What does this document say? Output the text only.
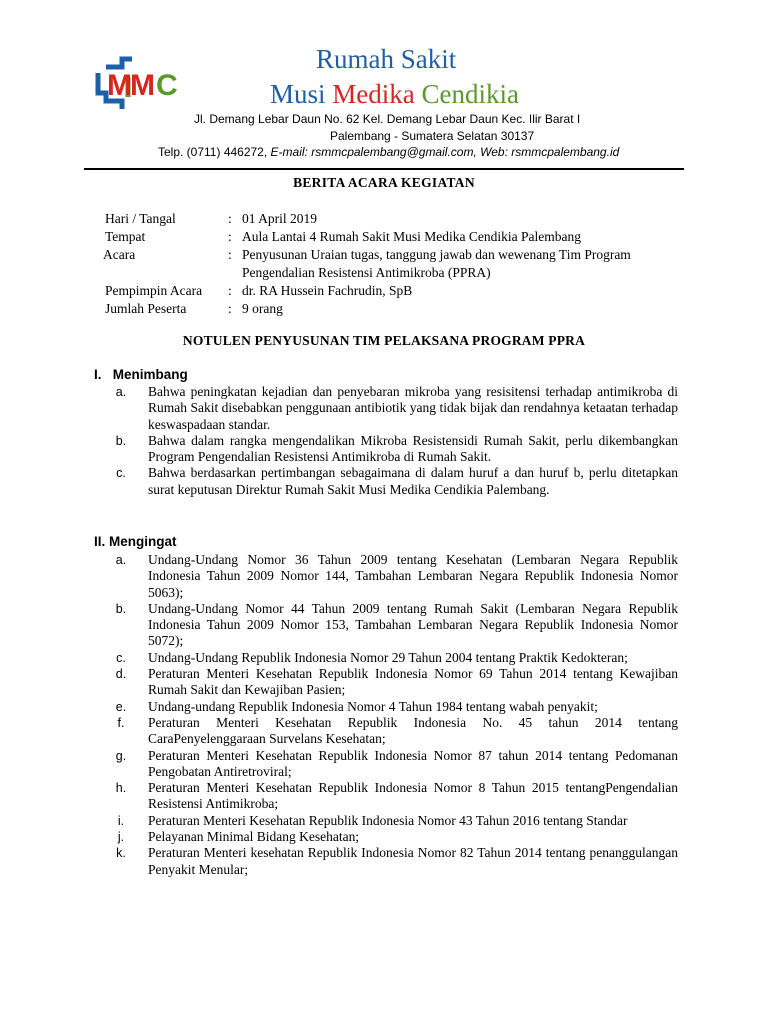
MM C
Rumah Sakit
Musi Medika Cendikia
Jl. Demang Lebar Daun No. 62 Kel. Demang Lebar Daun Kec. Ilir Barat I
Palembang - Sumatera Selatan 30137
Telp. (0711) 446272, E-mail: rsmmcpalembang@gmail.com, Web: rsmmcpalembang.id
BERITA ACARA KEGIATAN
Hari / Tangal	: 01 April 2019
Tempat	: Aula Lantai 4 Rumah Sakit Musi Medika Cendikia Palembang
Acara	: Penyusunan Uraian tugas, tanggung jawab dan wewenang Tim Program Pengendalian Resistensi Antimikroba (PPRA)
Pempimpin Acara	: dr. RA Hussein Fachrudin, SpB
Jumlah Peserta	: 9 orang
NOTULEN PENYUSUNAN TIM PELAKSANA PROGRAM PPRA
I.   Menimbang
a.	Bahwa peningkatan kejadian dan penyebaran mikroba yang resisitensi terhadap antimikroba di Rumah Sakit disebabkan penggunaan antibiotik yang tidak bijak dan rendahnya ketaatan terhadap keswaspadaan standar.
b.	Bahwa dalam rangka mengendalikan Mikroba Resistensidi Rumah Sakit, perlu dikembangkan Program Pengendalian Resistensi Antimikroba di Rumah Sakit.
c.	Bahwa berdasarkan pertimbangan sebagaimana di dalam huruf a dan huruf b, perlu ditetapkan surat keputusan Direktur Rumah Sakit Musi Medika Cendikia Palembang.
II. Mengingat
a.	Undang-Undang Nomor 36 Tahun 2009 tentang Kesehatan (Lembaran Negara Republik Indonesia Tahun 2009 Nomor 144, Tambahan Lembaran Negara Republik Indonesia Nomor 5063);
b.	Undang-Undang Nomor 44 Tahun 2009 tentang Rumah Sakit (Lembaran Negara Republik Indonesia Tahun 2009 Nomor 153, Tambahan Lembaran Negara Republik Indonesia Nomor 5072);
c.	Undang-Undang Republik Indonesia Nomor 29 Tahun 2004 tentang Praktik Kedokteran;
d.	Peraturan Menteri Kesehatan Republik Indonesia Nomor 69 Tahun 2014 tentang Kewajiban Rumah Sakit dan Kewajiban Pasien;
e.	Undang-undang Republik Indonesia Nomor 4 Tahun 1984 tentang wabah penyakit;
f.	Peraturan Menteri Kesehatan Republik Indonesia No. 45 tahun 2014 tentang CaraPenyelenggaraan Survelans Kesehatan;
g.	Peraturan Menteri Kesehatan Republik Indonesia Nomor 87 tahun 2014 tentang Pedomanan Pengobatan Antiretroviral;
h.	Peraturan Menteri Kesehatan Republik Indonesia Nomor 8 Tahun 2015 tentangPengendalian Resistensi Antimikroba;
i.	Peraturan Menteri Kesehatan Republik Indonesia Nomor 43 Tahun 2016 tentang Standar
j.	Pelayanan Minimal Bidang Kesehatan;
k.	Peraturan Menteri kesehatan Republik Indonesia Nomor 82 Tahun 2014 tentang penanggulangan Penyakit Menular;
